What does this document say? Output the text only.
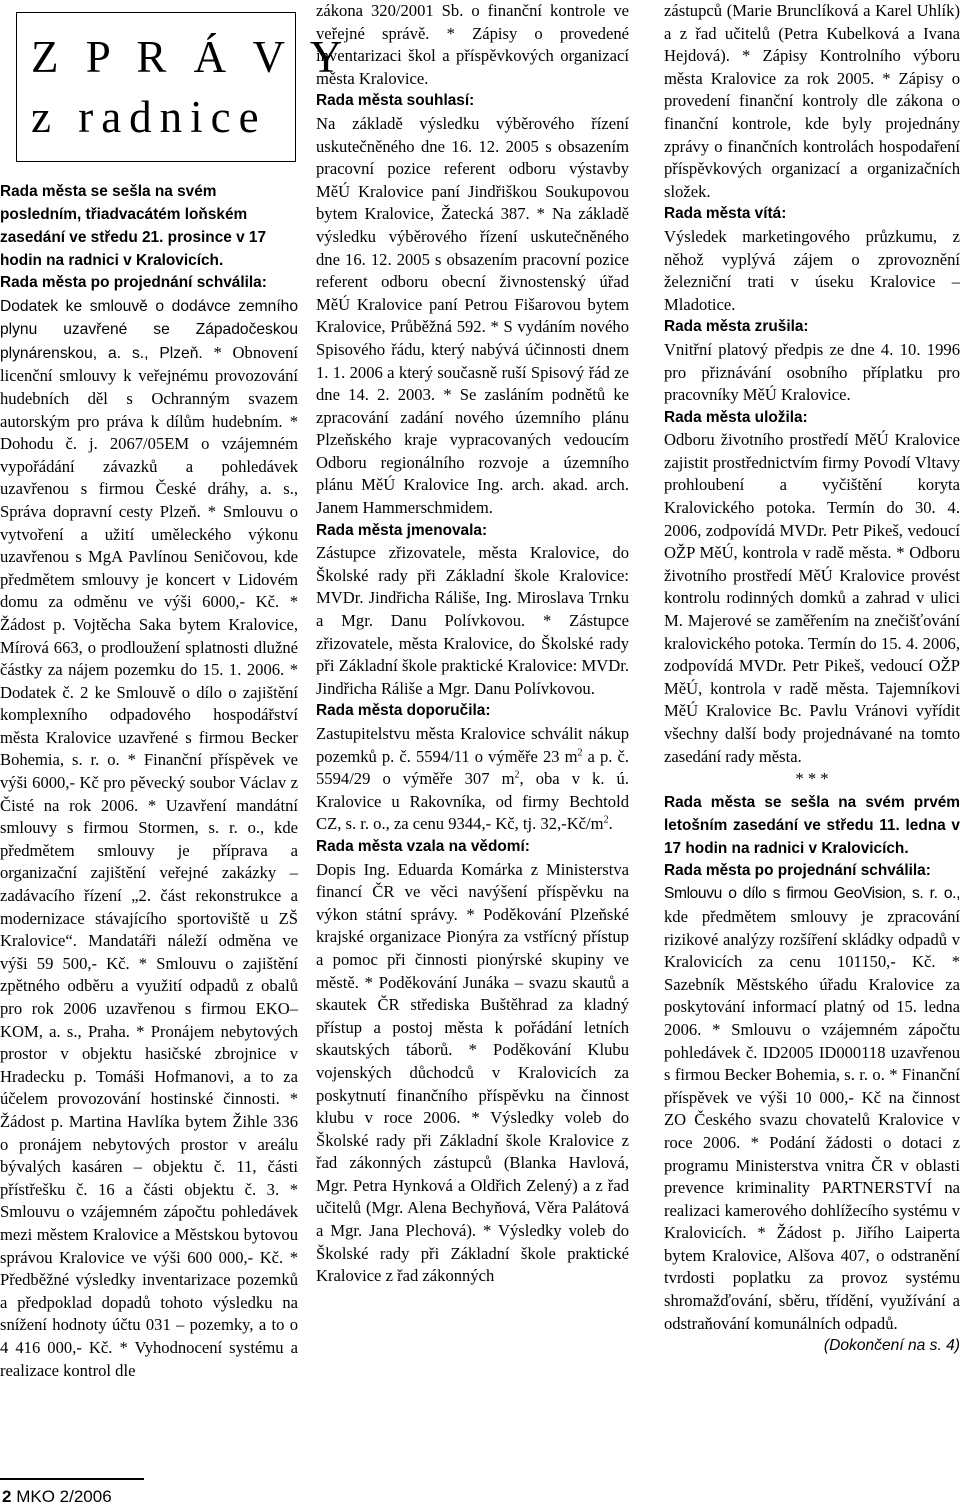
Z P R Á V Y
z radnice

Rada města se sešla na svém posledním, třiadvacátém loňském zasedání ve středu 21. prosince v 17 hodin na radnici v Kralovicích.

Rada města po projednání schválila:

Dodatek ke smlouvě o dodávce zemního plynu uzavřené se Západočeskou plynárenskou, a. s., Plzeň. * Obnovení licenční smlouvy k veřejnému provozování hudebních děl s Ochranným svazem autorským pro práva k dílům hudebním. * Dohodu č. j. 2067/05EM o vzájemném vypořádání závazků a pohledávek uzavřenou s firmou České dráhy, a. s., Správa dopravní cesty Plzeň. * Smlouvu o vytvoření a užití uměleckého výkonu uzavřenou s MgA Pavlínou Seničovou, kde předmětem smlouvy je koncert v Lidovém domu za odměnu ve výši 6000,- Kč. * Žádost p. Vojtěcha Saka bytem Kralovice, Mírová 663, o prodloužení splatnosti dlužné částky za nájem pozemku do 15. 1. 2006. * Dodatek č. 2 ke Smlouvě o dílo o zajištění komplexního odpadového hospodářství města Kralovice uzavřené s firmou Becker Bohemia, s. r. o. * Finanční příspěvek ve výši 6000,- Kč pro pěvecký soubor Václav z Čisté na rok 2006. * Uzavření mandátní smlouvy s firmou Stormen, s. r. o., kde předmětem smlouvy je příprava a organizační zajištění veřejné zakázky – zadávacího řízení „2. část rekonstrukce a modernizace stávajícího sportoviště u ZŠ Kralovice“. Mandatáři náleží odměna ve výši 59 500,- Kč. * Smlouvu o zajištění zpětného odběru a využití odpadů z obalů pro rok 2006 uzavřenou s firmou EKO–KOM, a. s., Praha. * Pronájem nebytových prostor v objektu hasičské zbrojnice v Hradecku p. Tomáši Hofmanovi, a to za účelem provozování hostinské činnosti. * Žádost p. Martina Havlíka bytem Žihle 336 o pronájem nebytových prostor v areálu bývalých kasáren – objektu č. 11, části přístřešku č. 16 a části objektu č. 3. * Smlouvu o vzájemném zápočtu pohledávek mezi městem Kralovice a Městskou bytovou správou Kralovice ve výši 600 000,- Kč. * Předběžné výsledky inventarizace pozemků a předpoklad dopadů tohoto výsledku na snížení hodnoty účtu 031 – pozemky, a to o 4 416 000,- Kč. * Vyhodnocení systému a realizace kontrol dle

zákona 320/2001 Sb. o finanční kontrole ve veřejné správě. * Zápisy o provedené inventarizaci škol a příspěvkových organizací města Kralovice.

Rada města souhlasí:

Na základě výsledku výběrového řízení uskutečněného dne 16. 12. 2005 s obsazením pracovní pozice referent odboru výstavby MěÚ Kralovice paní Jindřiškou Soukupovou bytem Kralovice, Žatecká 387. * Na základě výsledku výběrového řízení uskutečněného dne 16. 12. 2005 s obsazením pracovní pozice referent odboru obecní živnostenský úřad MěÚ Kralovice paní Petrou Fišarovou bytem Kralovice, Průběžná 592. * S vydáním nového Spisového řádu, který nabývá účinnosti dnem 1. 1. 2006 a který současně ruší Spisový řád ze dne 14. 2. 2003. * Se zasláním podnětů ke zpracování zadání nového územního plánu Plzeňského kraje vypracovaných vedoucím Odboru regionálního rozvoje a územního plánu MěÚ Kralovice Ing. arch. akad. arch. Janem Hammerschmidem.

Rada města jmenovala:

Zástupce zřizovatele, města Kralovice, do Školské rady při Základní škole Kralovice: MVDr. Jindřicha Ráliše, Ing. Miroslava Trnku a Mgr. Danu Polívkovou. * Zástupce zřizovatele, města Kralovice, do Školské rady při Základní škole praktické Kralovice: MVDr. Jindřicha Ráliše a Mgr. Danu Polívkovou.

Rada města doporučila:

Zastupitelstvu města Kralovice schválit nákup pozemků p. č. 5594/11 o výměře 23 $m^2$ a p. č. 5594/29 o výměře 307 $m^2$, oba v k. ú. Kralovice u Rakovníka, od firmy Bechtold CZ, s. r. o., za cenu 9344,- Kč, tj. $32,-Kč/m^2$.

Rada města vzala na vědomí:

Dopis Ing. Eduarda Komárka z Ministerstva financí ČR ve věci navýšení příspěvku na výkon státní správy. * Poděkování Plzeňské krajské organizace Pionýra za vstřícný přístup a pomoc při činnosti pionýrské skupiny ve městě. * Poděkování Junáka – svazu skautů a skautek ČR střediska Buštěhrad za kladný přístup a postoj města k pořádání letních skautských táborů. * Poděkování Klubu vojenských důchodců v Kralovicích za poskytnutí finančního příspěvku na činnost klubu v roce 2006. * Výsledky voleb do Školské rady při Základní škole Kralovice z řad zákonných zástupců (Blanka Havlová, Mgr. Petra Hynková a Oldřich Zelený) a z řad učitelů (Mgr. Alena Bechyňová, Věra Palátová a Mgr. Jana Plechová). * Výsledky voleb do Školské rady při Základní škole praktické Kralovice z řad zákonných

zástupců (Marie Brunclíková a Karel Uhlík) a z řad učitelů (Petra Kubelková a Ivana Hejdová). * Zápisy Kontrolního výboru města Kralovice za rok 2005. * Zápisy o provedení finanční kontroly dle zákona o finanční kontrole, kde byly projednány zprávy o finančních kontrolách hospodaření příspěvkových organizací a organizačních složek.

Rada města vítá:

Výsledek marketingového průzkumu, z něhož vyplývá zájem o zprovoznění železniční trati v úseku Kralovice – Mladotice.

Rada města zrušila:

Vnitřní platový předpis ze dne 4. 10. 1996 pro přiznávání osobního příplatku pro pracovníky MěÚ Kralovice.

Rada města uložila:

Odboru životního prostředí MěÚ Kralovice zajistit prostřednictvím firmy Povodí Vltavy prohloubení a vyčištění koryta Kralovického potoka. Termín do 30. 4. 2006, zodpovídá MVDr. Petr Pikeš, vedoucí OŽP MěÚ, kontrola v radě města. * Odboru životního prostředí MěÚ Kralovice provést kontrolu rodinných domků a zahrad v ulici M. Majerové se zaměřením na znečišťování kralovického potoka. Termín do 15. 4. 2006, zodpovídá MVDr. Petr Pikeš, vedoucí OŽP MěÚ, kontrola v radě města. Tajemníkovi MěÚ Kralovice Bc. Pavlu Vránovi vyřídit všechny další body projednávané na tomto zasedání rady města.

* * *

Rada města se sešla na svém prvém letošním zasedání ve středu 11. ledna v 17 hodin na radnici v Kralovicích.

Rada města po projednání schválila:

Smlouvu o dílo s firmou GeoVision, s. r. o., kde předmětem smlouvy je zpracování rizikové analýzy rozšíření skládky odpadů v Kralovicích za cenu 101150,- Kč. * Sazebník Městského úřadu Kralovice za poskytování informací platný od 15. ledna 2006. * Smlouvu o vzájemném zápočtu pohledávek č. ID2005 ID000118 uzavřenou s firmou Becker Bohemia, s. r. o. * Finanční příspěvek ve výši 10 000,- Kč na činnost ZO Českého svazu chovatelů Kralovice v roce 2006. * Podání žádosti o dotaci z programu Ministerstva vnitra ČR v oblasti prevence kriminality PARTNERSTVÍ na realizaci kamerového dohlížecího systému v Kralovicích. * Žádost p. Jiřího Laiperta bytem Kralovice, Alšova 407, o odstranění tvrdosti poplatku za provoz systému shromažďování, sběru, třídění, využívání a odstraňování komunálních odpadů.

(Dokončení na s. 4)

2 MKO 2/2006
